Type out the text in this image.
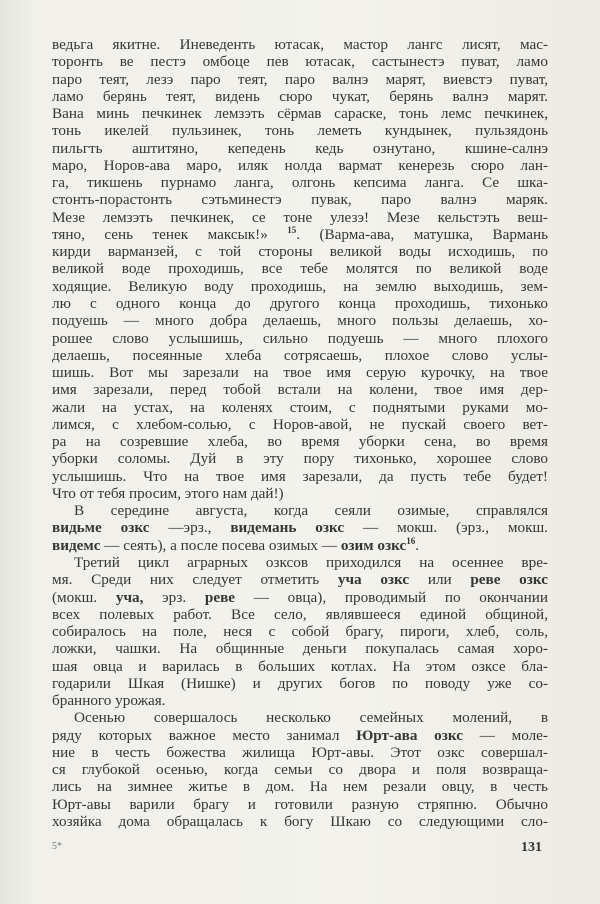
ведьга якитне. Иневеденть ютасак, мастор лангс лисят, мас-
торонть ве пестэ омбоце пев ютасак, састынестэ пуват, ламо
паро теят, лезэ паро теят, паро валнэ марят, виевстэ пуват,
ламо берянь теят, видень сюро чукат, берянь валнэ марят.
Вана минь печкинек лемзэть сёрмав сараске, тонь лемс печкинек,
тонь икелей пульзинек, тонь леметь кундынек, пульзядонь
пильгть аштитяно, кепедень кедь ознутано, кшине-салнэ
маро, Норов-ава маро, иляк нолда вармат кенерезь сюро лан-
га, тикшень пурнамо ланга, олгонь кепсима ланга. Се шка-
стонть-порастонть сэтьминестэ пувак, паро валнэ маряк.
Мезе лемзэть печкинек, се тоне улезэ! Мезе кельстэть веш-
тяно, сень тенек максык!» $^{15}$. (Варма-ава, матушка, Вармань
кирди варманзей, с той стороны великой воды исходишь, по
великой воде проходишь, все тебе молятся по великой воде
ходящие. Великую воду проходишь, на землю выходишь, зем-
лю с одного конца до другого конца проходишь, тихонько
подуешь — много добра делаешь, много пользы делаешь, хо-
рошее слово услышишь, сильно подуешь — много плохого
делаешь, посеянные хлеба сотрясаешь, плохое слово услы-
шишь. Вот мы зарезали на твое имя серую курочку, на твое
имя зарезали, перед тобой встали на колени, твое имя дер-
жали на устах, на коленях стоим, с поднятыми руками мо-
лимся, с хлебом-солью, с Норов-авой, не пускай своего вет-
ра на созревшие хлеба, во время уборки сена, во время
уборки соломы. Дуй в эту пору тихонько, хорошее слово
услышишь. Что на твое имя зарезали, да пусть тебе будет!
Что от тебя просим, этого нам дай!)
В середине августа, когда сеяли озимые, справлялся
видьме озкс —эрз., видемань озкс — мокш. (эрз., мокш.
видемс — сеять), а после посева озимых — озим озкс$^{16}$.
Третий цикл аграрных озксов приходился на осеннее вре-
мя. Среди них следует отметить уча озкс или реве озкс
(мокш. уча, эрз. реве — овца), проводимый по окончании
всех полевых работ. Все село, являвшееся единой общиной,
собиралось на поле, неся с собой брагу, пироги, хлеб, соль,
ложки, чашки. На общинные деньги покупалась самая хоро-
шая овца и варилась в больших котлах. На этом озксе бла-
годарили Шкая (Нишке) и других богов по поводу уже со-
бранного урожая.
Осенью совершалось несколько семейных молений, в
ряду которых важное место занимал Юрт-ава озкс — моле-
ние в честь божества жилища Юрт-авы. Этот озкс совершал-
ся глубокой осенью, когда семьи со двора и поля возвраща-
лись на зимнее житье в дом. На нем резали овцу, в честь
Юрт-авы варили брагу и готовили разную стряпню. Обычно
хозяйка дома обращалась к богу Шкаю со следующими сло-
5*	131
